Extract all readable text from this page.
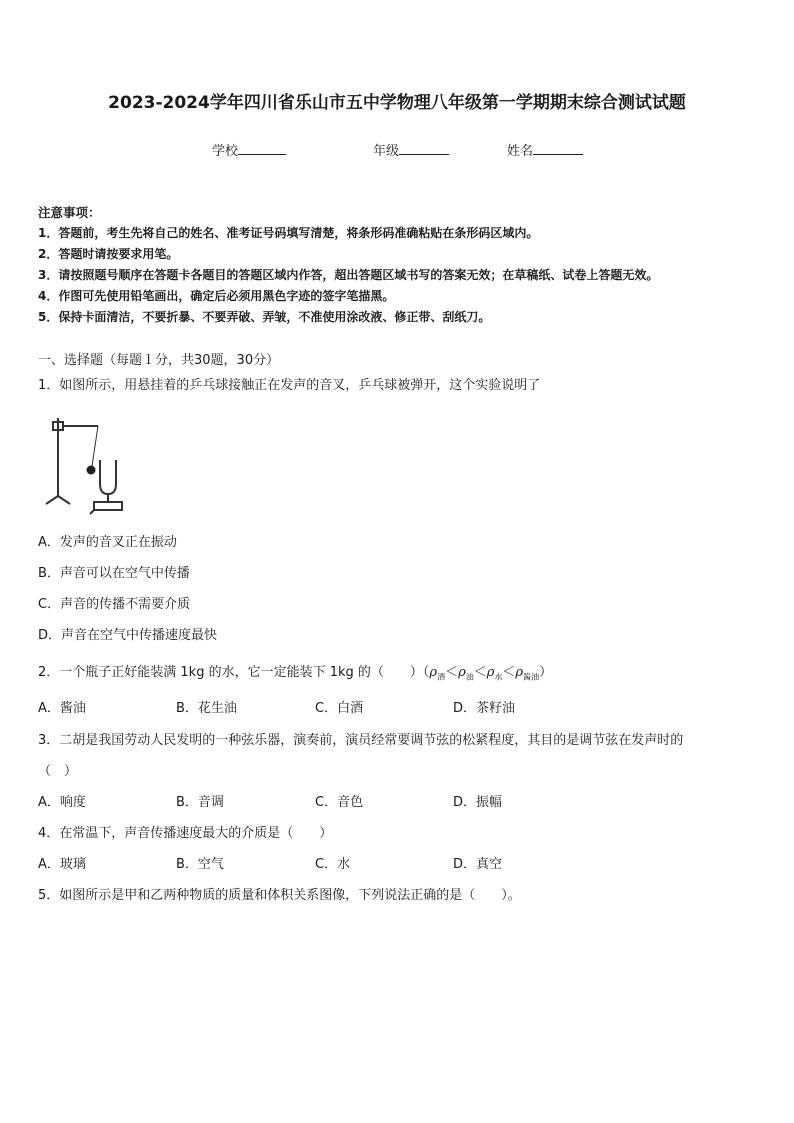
2023-2024学年四川省乐山市五中学物理八年级第一学期期末综合测试试题
学校	年级	姓名
注意事项：
1．答题前，考生先将自己的姓名、准考证号码填写清楚，将条形码准确粘贴在条形码区域内。
2．答题时请按要求用笔。
3．请按照题号顺序在答题卡各题目的答题区域内作答，超出答题区域书写的答案无效；在草稿纸、试卷上答题无效。
4．作图可先使用铅笔画出，确定后必须用黑色字迹的签字笔描黑。
5．保持卡面清洁，不要折暴、不要弄破、弄皱，不准使用涂改液、修正带、刮纸刀。
一、选择题（每题１分，共30题，30分）
1．如图所示，用悬挂着的乒乓球接触正在发声的音叉，乒乓球被弹开，这个实验说明了
A．发声的音叉正在振动
B．声音可以在空气中传播
C．声音的传播不需要介质
D．声音在空气中传播速度最快
2．一个瓶子正好能装满 1kg 的水，它一定能装下 1kg 的（　　）$(\rho_酒<\rho_油<\rho_水<\rho_{酱油})$
A．酱油	B．花生油	C．白酒	D．茶籽油
3．二胡是我国劳动人民发明的一种弦乐器，演奏前，演员经常要调节弦的松紧程度，其目的是调节弦在发声时的
（　）
A．响度	B．音调	C．音色	D．振幅
4．在常温下，声音传播速度最大的介质是（　　）
A．玻璃	B．空气	C．水	D．真空
5．如图所示是甲和乙两种物质的质量和体积关系图像，下列说法正确的是（　　）。
